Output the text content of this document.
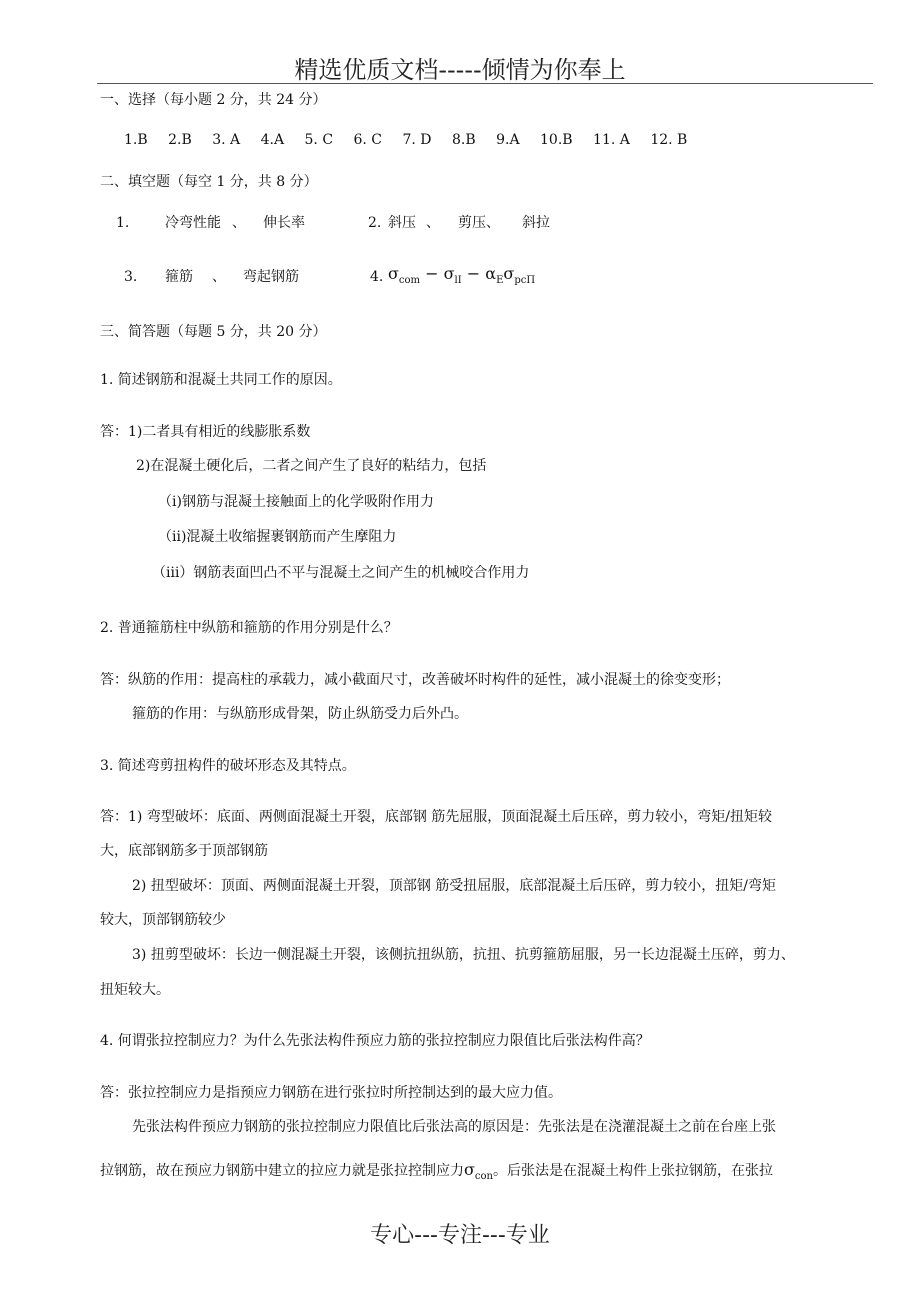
精选优质文档-----倾情为你奉上
一、选择（每小题 2 分，共 24 分）
1.B 2.B 3. A 4.A 5. C 6. C 7. D 8.B 9.A 10.B 11. A 12. B
二、填空题（每空 1 分，共 8 分）
1.	冷弯性能 、 伸长率	2. 斜压 、 剪压、 斜拉
3. 箍筋 、 弯起钢筋	4. $\sigma_{com} - \sigma_{lI} - \alpha_E\sigma_{pc\Pi}$
三、简答题（每题 5 分，共 20 分）
1. 简述钢筋和混凝土共同工作的原因。
答：1)二者具有相近的线膨胀系数
2)在混凝土硬化后，二者之间产生了良好的粘结力，包括
（ⅰ)钢筋与混凝土接触面上的化学吸附作用力
（ⅱ)混凝土收缩握裹钢筋而产生摩阻力
（ⅲ）钢筋表面凹凸不平与混凝土之间产生的机械咬合作用力
2. 普通箍筋柱中纵筋和箍筋的作用分别是什么？
答：纵筋的作用：提高柱的承载力，减小截面尺寸，改善破坏时构件的延性，减小混凝土的徐变变形；
箍筋的作用：与纵筋形成骨架，防止纵筋受力后外凸。
3. 简述弯剪扭构件的破坏形态及其特点。
答：1) 弯型破坏：底面、两侧面混凝土开裂，底部钢 筋先屈服，顶面混凝土后压碎，剪力较小，弯矩/扭矩较
大，底部钢筋多于顶部钢筋
2) 扭型破坏：顶面、两侧面混凝土开裂，顶部钢 筋受扭屈服，底部混凝土后压碎，剪力较小，扭矩/弯矩
较大，顶部钢筋较少
3) 扭剪型破坏：长边一侧混凝土开裂，该侧抗扭纵筋，抗扭、抗剪箍筋屈服，另一长边混凝土压碎，剪力、
扭矩较大。
4. 何谓张拉控制应力？为什么先张法构件预应力筋的张拉控制应力限值比后张法构件高？
答：张拉控制应力是指预应力钢筋在进行张拉时所控制达到的最大应力值。
先张法构件预应力钢筋的张拉控制应力限值比后张法高的原因是：先张法是在浇灌混凝土之前在台座上张
拉钢筋，故在预应力钢筋中建立的拉应力就是张拉控制应力$\sigma_{con}$。后张法是在混凝土构件上张拉钢筋，在张拉
专心---专注---专业
